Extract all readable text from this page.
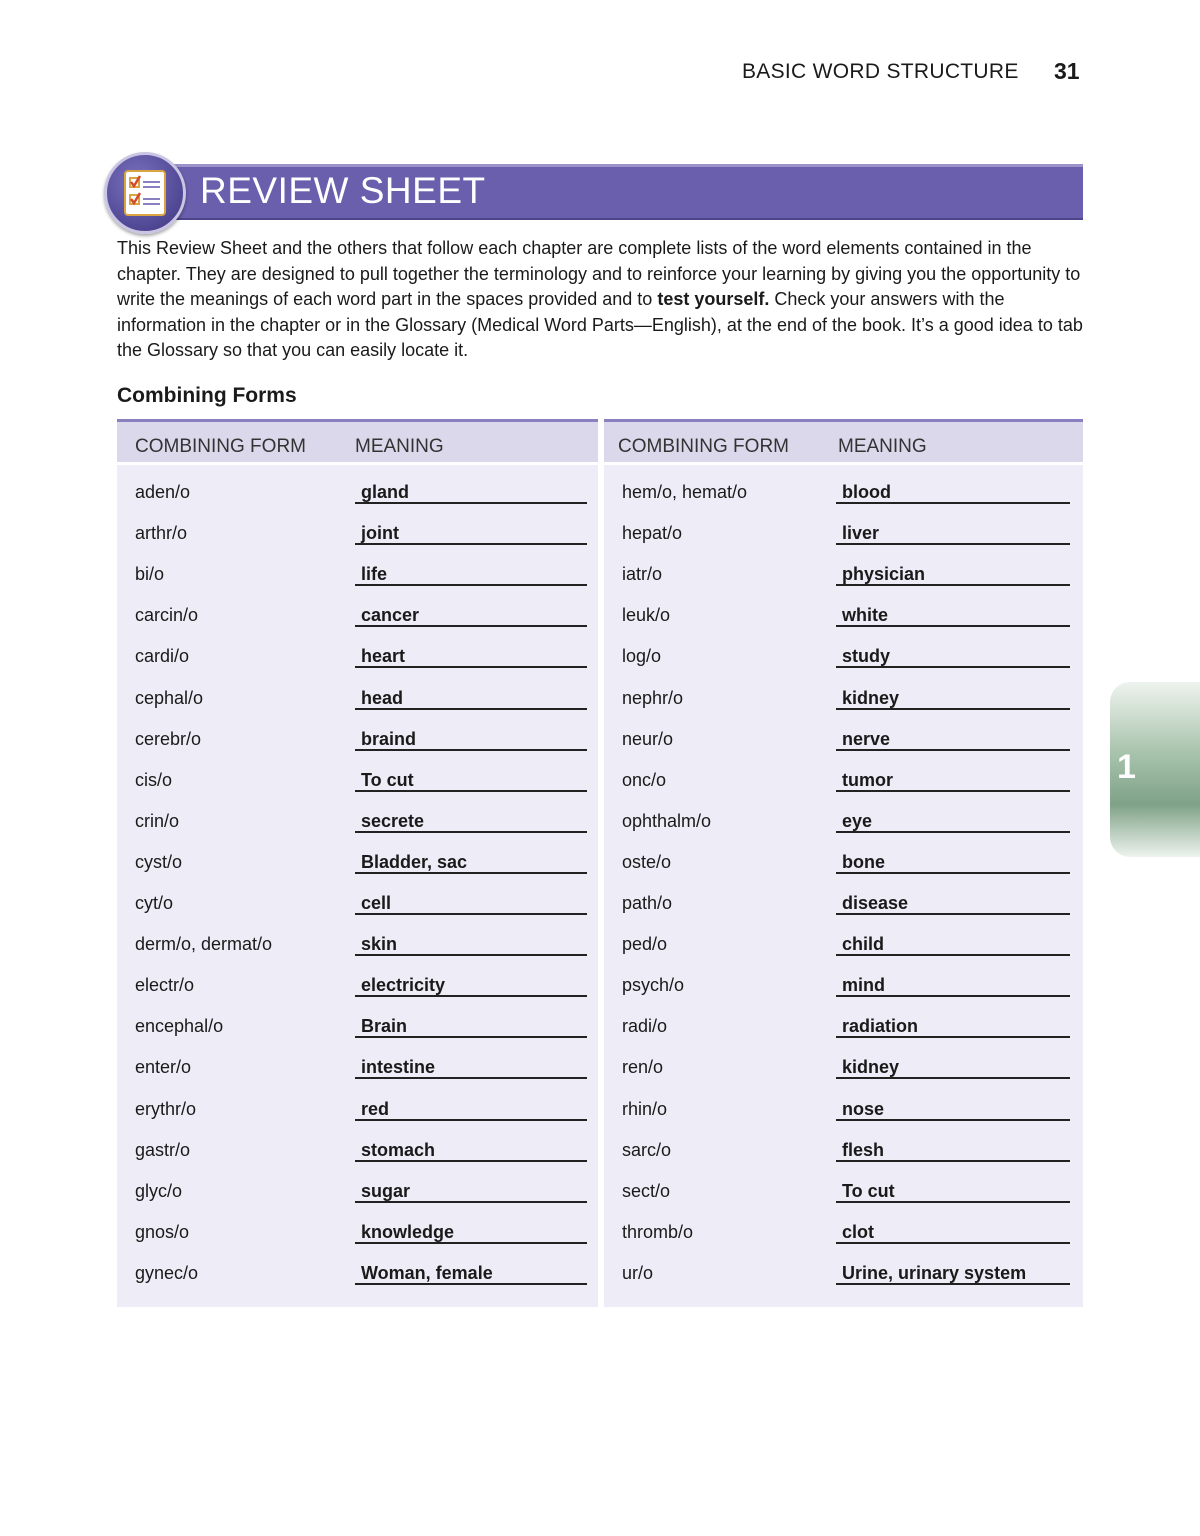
BASIC WORD STRUCTURE 31
REVIEW SHEET
This Review Sheet and the others that follow each chapter are complete lists of the word elements contained in the chapter. They are designed to pull together the terminology and to reinforce your learning by giving you the opportunity to write the meanings of each word part in the spaces provided and to test yourself. Check your answers with the information in the chapter or in the Glossary (Medical Word Parts—English), at the end of the book. It’s a good idea to tab the Glossary so that you can easily locate it.
Combining Forms
COMBINING FORM	MEANING
aden/o	gland
arthr/o	joint
bi/o	life
carcin/o	cancer
cardi/o	heart
cephal/o	head
cerebr/o	braind
cis/o	To cut
crin/o	secrete
cyst/o	Bladder, sac
cyt/o	cell
derm/o, dermat/o	skin
electr/o	electricity
encephal/o	Brain
enter/o	intestine
erythr/o	red
gastr/o	stomach
glyc/o	sugar
gnos/o	knowledge
gynec/o	Woman, female
COMBINING FORM	MEANING
hem/o, hemat/o	blood
hepat/o	liver
iatr/o	physician
leuk/o	white
log/o	study
nephr/o	kidney
neur/o	nerve
onc/o	tumor
ophthalm/o	eye
oste/o	bone
path/o	disease
ped/o	child
psych/o	mind
radi/o	radiation
ren/o	kidney
rhin/o	nose
sarc/o	flesh
sect/o	To cut
thromb/o	clot
ur/o	Urine, urinary system
1
